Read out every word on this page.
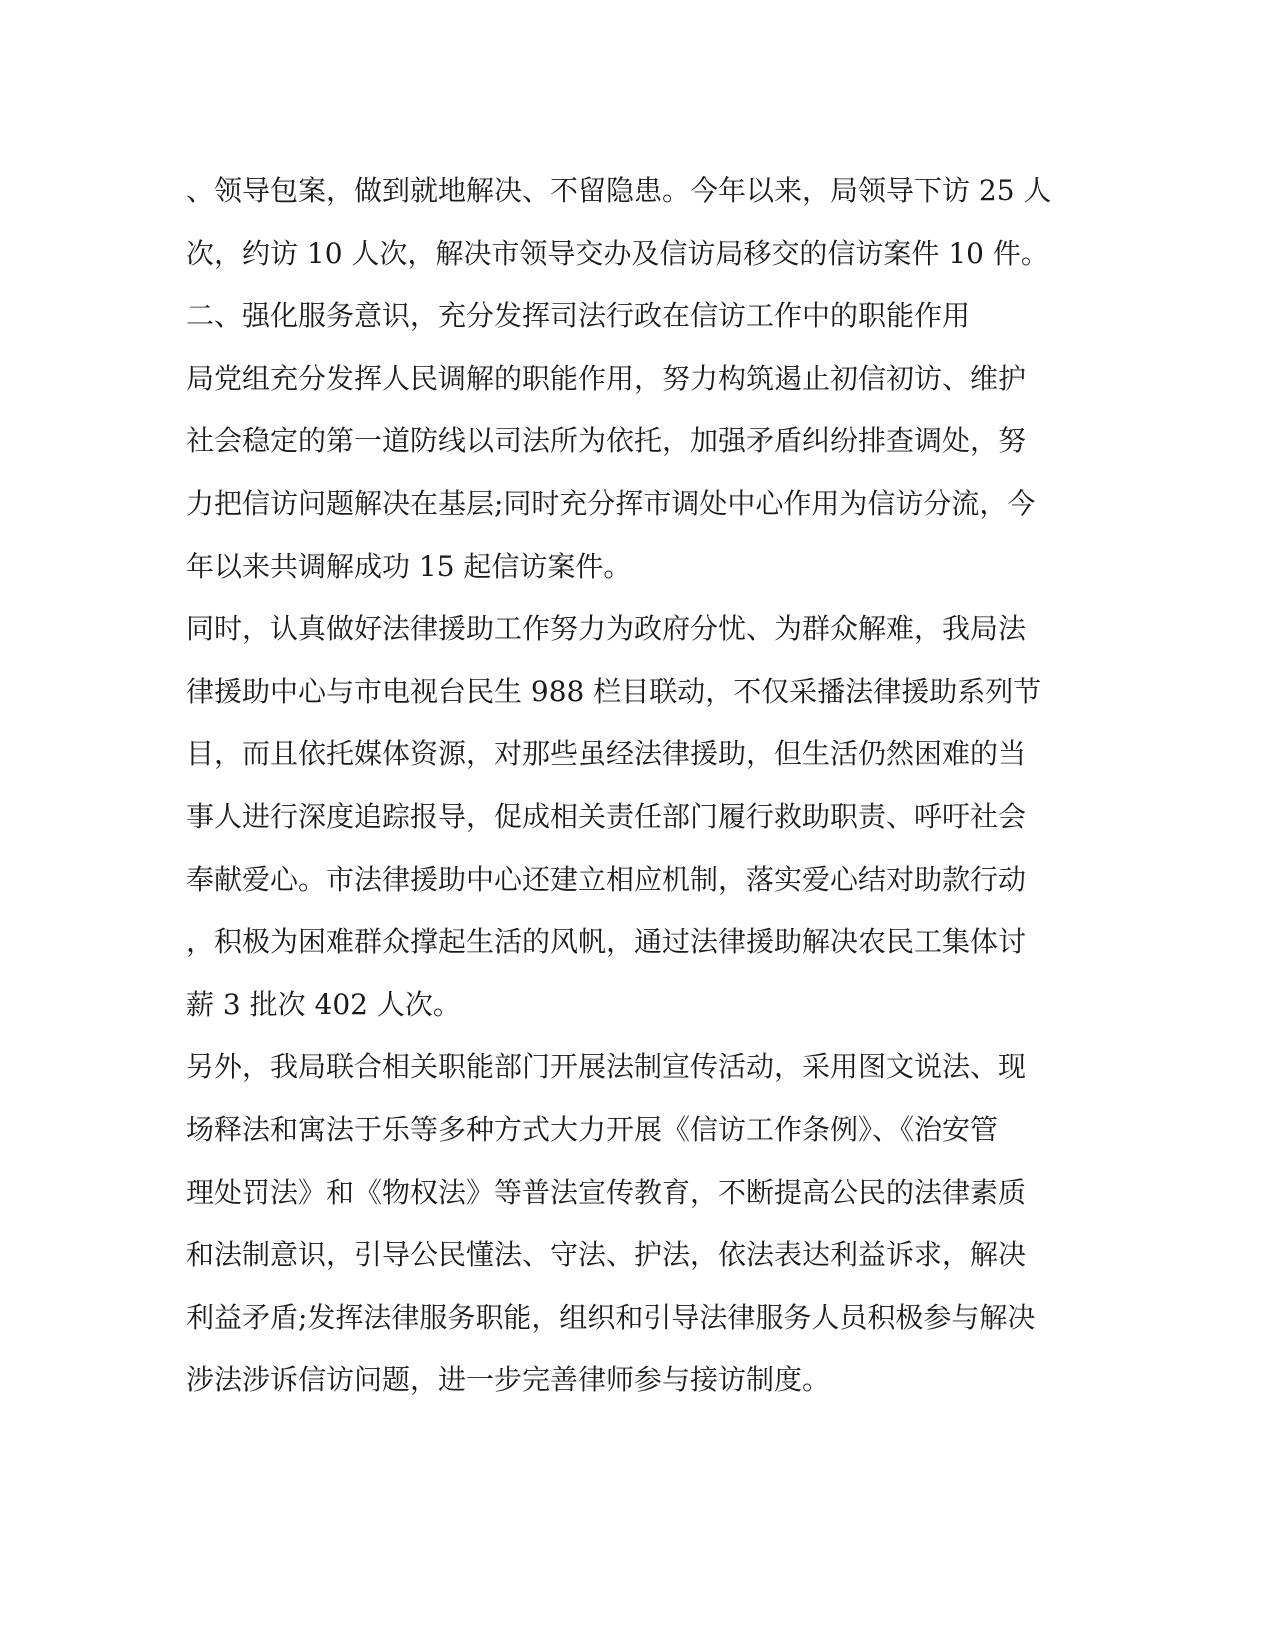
、领导包案，做到就地解决、不留隐患。今年以来，局领导下访 25 人
次，约访 10 人次，解决市领导交办及信访局移交的信访案件 10 件。
二、强化服务意识，充分发挥司法行政在信访工作中的职能作用
局党组充分发挥人民调解的职能作用，努力构筑遏止初信初访、维护
社会稳定的第一道防线以司法所为依托，加强矛盾纠纷排查调处，努
力把信访问题解决在基层;同时充分挥市调处中心作用为信访分流，今
年以来共调解成功 15 起信访案件。
同时，认真做好法律援助工作努力为政府分忧、为群众解难，我局法
律援助中心与市电视台民生 988 栏目联动，不仅采播法律援助系列节
目，而且依托媒体资源，对那些虽经法律援助，但生活仍然困难的当
事人进行深度追踪报导，促成相关责任部门履行救助职责、呼吁社会
奉献爱心。市法律援助中心还建立相应机制，落实爱心结对助款行动
，积极为困难群众撑起生活的风帆，通过法律援助解决农民工集体讨
薪 3 批次 402 人次。
另外，我局联合相关职能部门开展法制宣传活动，采用图文说法、现
场释法和寓法于乐等多种方式大力开展《信访工作条例》、《治安管
理处罚法》和《物权法》等普法宣传教育，不断提高公民的法律素质
和法制意识，引导公民懂法、守法、护法，依法表达利益诉求，解决
利益矛盾;发挥法律服务职能，组织和引导法律服务人员积极参与解决
涉法涉诉信访问题，进一步完善律师参与接访制度。
